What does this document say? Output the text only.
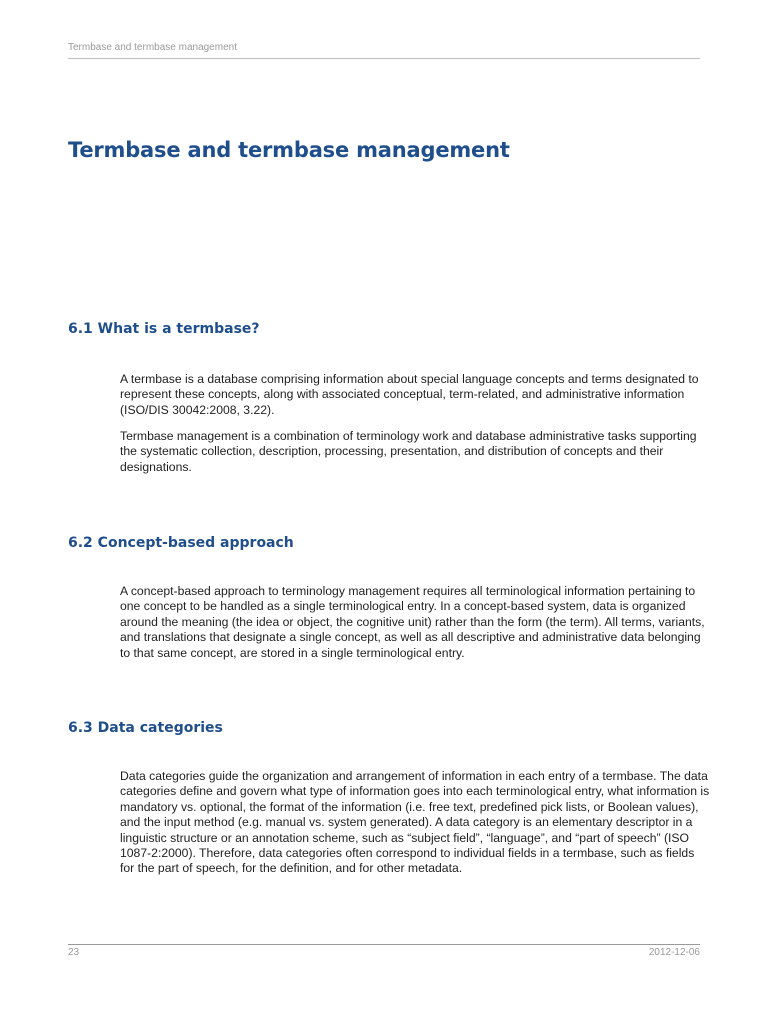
Termbase and termbase management
Termbase and termbase management
6.1 What is a termbase?

A termbase is a database comprising information about special language concepts and terms designated to represent these concepts, along with associated conceptual, term-related, and administrative information (ISO/DIS 30042:2008, 3.22).

Termbase management is a combination of terminology work and database administrative tasks supporting the systematic collection, description, processing, presentation, and distribution of concepts and their designations.

6.2 Concept-based approach

A concept-based approach to terminology management requires all terminological information pertaining to one concept to be handled as a single terminological entry. In a concept-based system, data is organized around the meaning (the idea or object, the cognitive unit) rather than the form (the term). All terms, variants, and translations that designate a single concept, as well as all descriptive and administrative data belonging to that same concept, are stored in a single terminological entry.

6.3 Data categories

Data categories guide the organization and arrangement of information in each entry of a termbase. The data categories define and govern what type of information goes into each terminological entry, what information is mandatory vs. optional, the format of the information (i.e. free text, predefined pick lists, or Boolean values), and the input method (e.g. manual vs. system generated). A data category is an elementary descriptor in a linguistic structure or an annotation scheme, such as “subject field”, “language”, and “part of speech” (ISO 1087-2:2000). Therefore, data categories often correspond to individual fields in a termbase, such as fields for the part of speech, for the definition, and for other metadata.

23	2012-12-06
